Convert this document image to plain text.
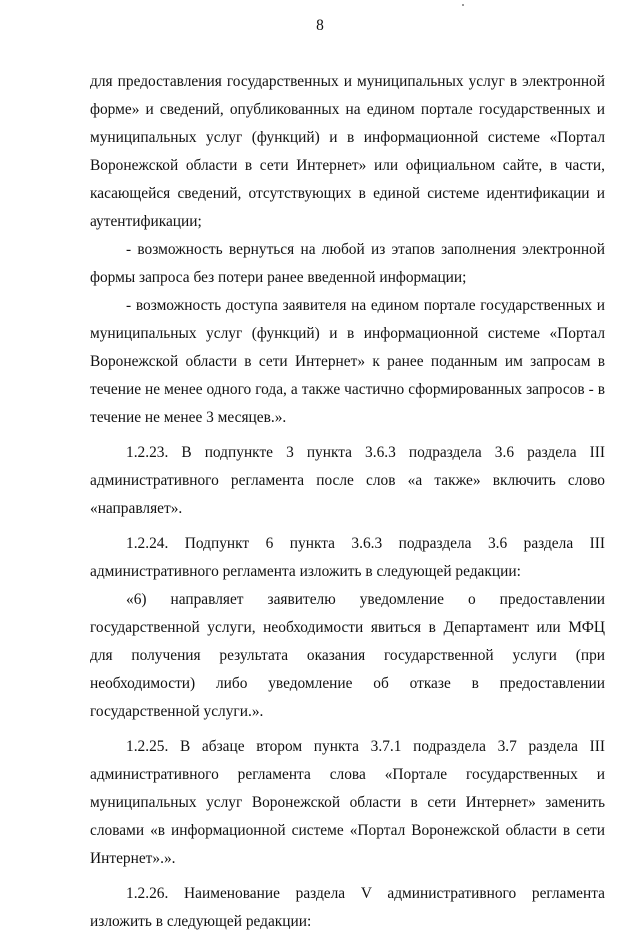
8

для предоставления государственных и муниципальных услуг в электронной форме» и сведений, опубликованных на едином портале государственных и муниципальных услуг (функций) и в информационной системе «Портал Воронежской области в сети Интернет» или официальном сайте, в части, касающейся сведений, отсутствующих в единой системе идентификации и аутентификации;

- возможность вернуться на любой из этапов заполнения электронной формы запроса без потери ранее введенной информации;

- возможность доступа заявителя на едином портале государственных и муниципальных услуг (функций) и в информационной системе «Портал Воронежской области в сети Интернет» к ранее поданным им запросам в течение не менее одного года, а также частично сформированных запросов - в течение не менее 3 месяцев.».

1.2.23. В подпункте 3 пункта 3.6.3 подраздела 3.6 раздела III административного регламента после слов «а также» включить слово «направляет».

1.2.24. Подпункт 6 пункта 3.6.3 подраздела 3.6 раздела III административного регламента изложить в следующей редакции:

«6) направляет заявителю уведомление о предоставлении государственной услуги, необходимости явиться в Департамент или МФЦ для получения результата оказания государственной услуги (при необходимости) либо уведомление об отказе в предоставлении государственной услуги.».

1.2.25. В абзаце втором пункта 3.7.1 подраздела 3.7 раздела III административного регламента слова «Портале государственных и муниципальных услуг Воронежской области в сети Интернет» заменить словами «в информационной системе «Портал Воронежской области в сети Интернет».».

1.2.26. Наименование раздела V административного регламента изложить в следующей редакции:
